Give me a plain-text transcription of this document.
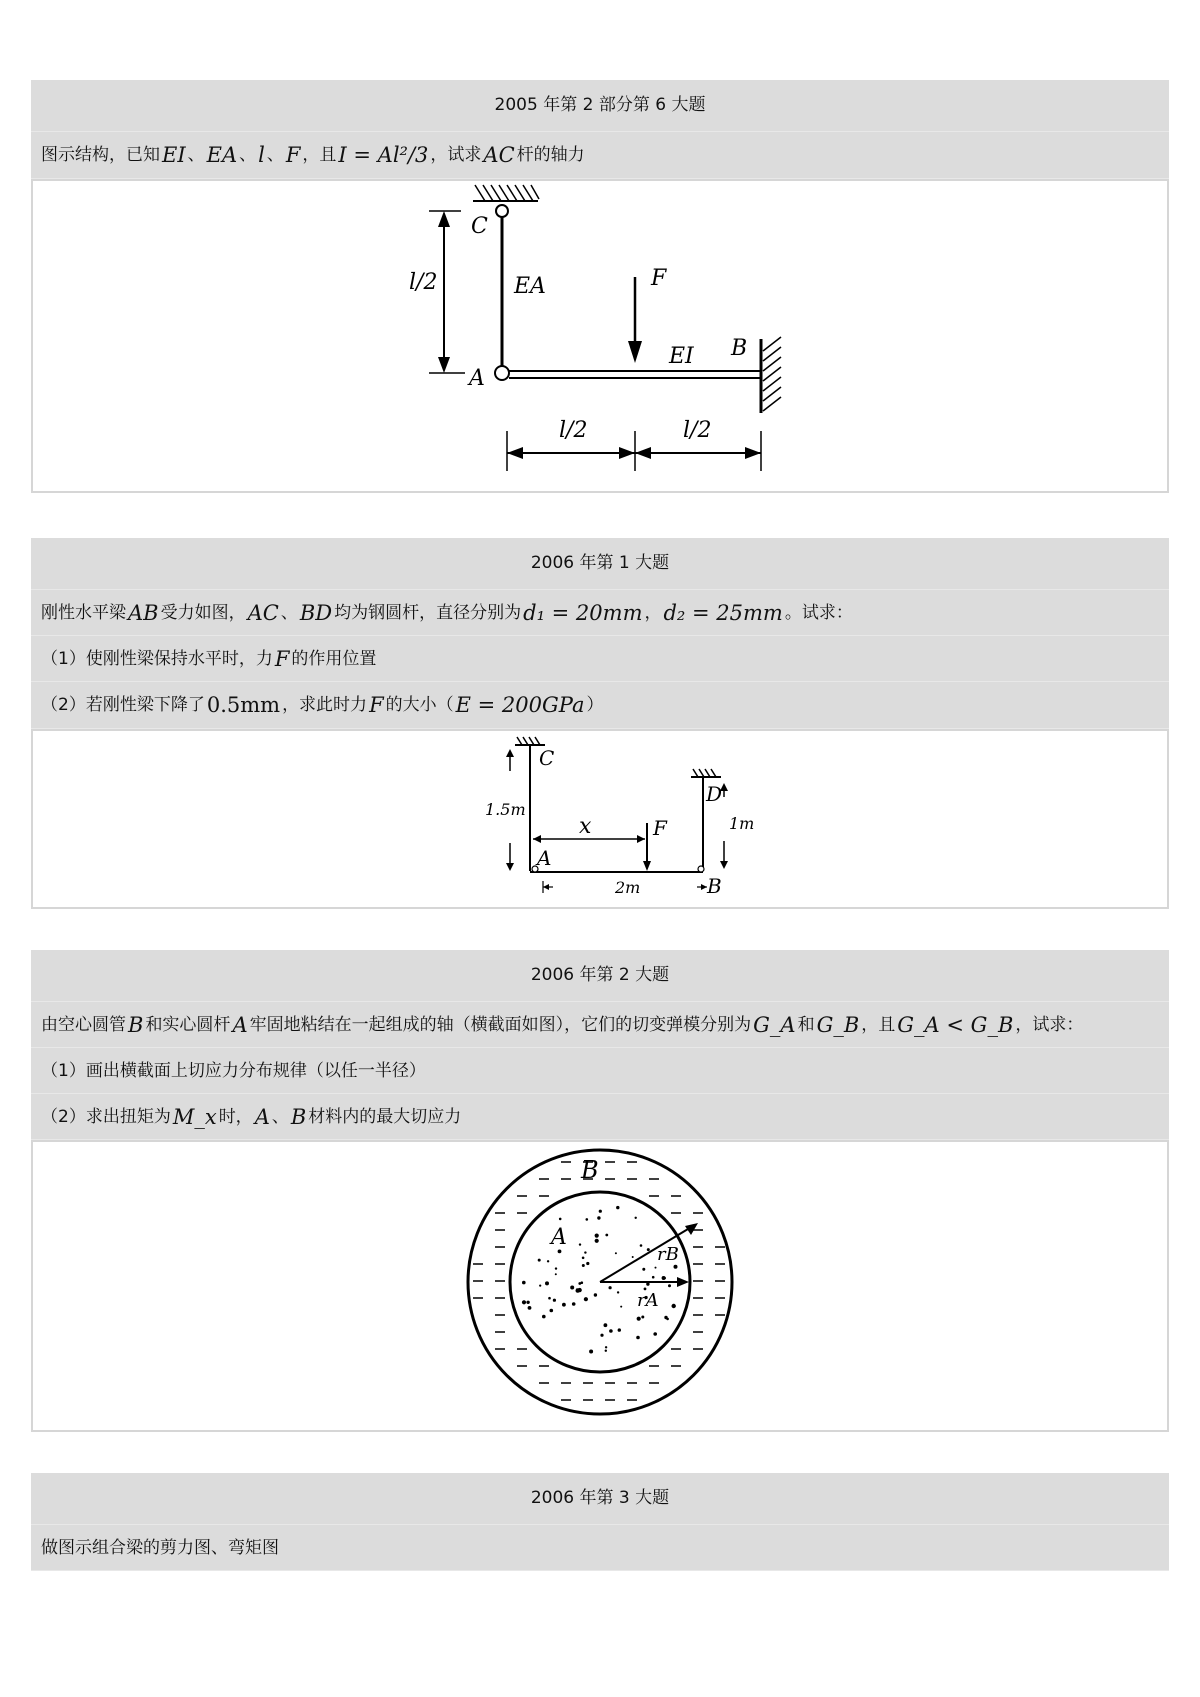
2005 年第 2 部分第 6 大题
图示结构，已知 EI 、 EA 、 l 、 F ，且 I = Al²/3 ，试求 AC 杆的轴力
C
A
EA	F
EI B
l/2
l/2	l/2
2006 年第 1 大题
刚性水平梁 AB 受力如图， AC 、 BD 均为钢圆杆，直径分别为 d₁ = 20mm ， d₂ = 25mm 。试求：
（1）使刚性梁保持水平时，力 F 的作用位置
（2）若刚性梁下降了 0.5mm ，求此时力 F 的大小（ E = 200GPa ）
C
D
A
B
F
x
1.5m
1m
2m
2006 年第 2 大题
由空心圆管 B 和实心圆杆 A 牢固地粘结在一起组成的轴（横截面如图），它们的切变弹模分别为 G_A 和 G_B ，且 G_A < G_B ，试求：
（1）画出横截面上切应力分布规律（以任一半径）
（2）求出扭矩为 M_x 时， A 、 B 材料内的最大切应力
B
A
rB
rA
2006 年第 3 大题
做图示组合梁的剪力图、弯矩图
